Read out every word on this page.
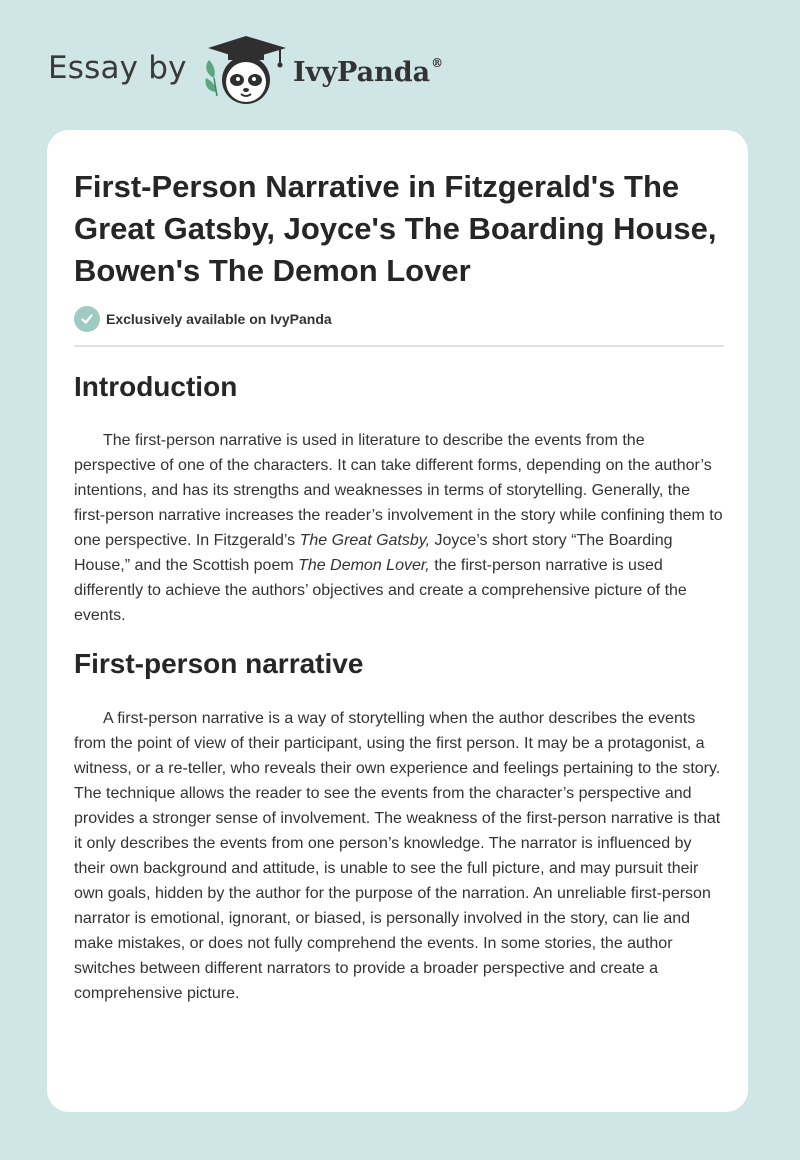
Essay by	IvyPanda®
First-Person Narrative in Fitzgerald's The Great Gatsby, Joyce's The Boarding House, Bowen's The Demon Lover
Exclusively available on IvyPanda
Introduction

The first-person narrative is used in literature to describe the events from the perspective of one of the characters. It can take different forms, depending on the author’s intentions, and has its strengths and weaknesses in terms of storytelling. Generally, the first-person narrative increases the reader’s involvement in the story while confining them to one perspective. In Fitzgerald’s The Great Gatsby, Joyce’s short story “The Boarding House,” and the Scottish poem The Demon Lover, the first-person narrative is used differently to achieve the authors’ objectives and create a comprehensive picture of the events.

First-person narrative

A first-person narrative is a way of storytelling when the author describes the events from the point of view of their participant, using the first person. It may be a protagonist, a witness, or a re-teller, who reveals their own experience and feelings pertaining to the story. The technique allows the reader to see the events from the character’s perspective and provides a stronger sense of involvement. The weakness of the first-person narrative is that it only describes the events from one person’s knowledge. The narrator is influenced by their own background and attitude, is unable to see the full picture, and may pursuit their own goals, hidden by the author for the purpose of the narration. An unreliable first-person narrator is emotional, ignorant, or biased, is personally involved in the story, can lie and make mistakes, or does not fully comprehend the events. In some stories, the author switches between different narrators to provide a broader perspective and create a comprehensive picture.
